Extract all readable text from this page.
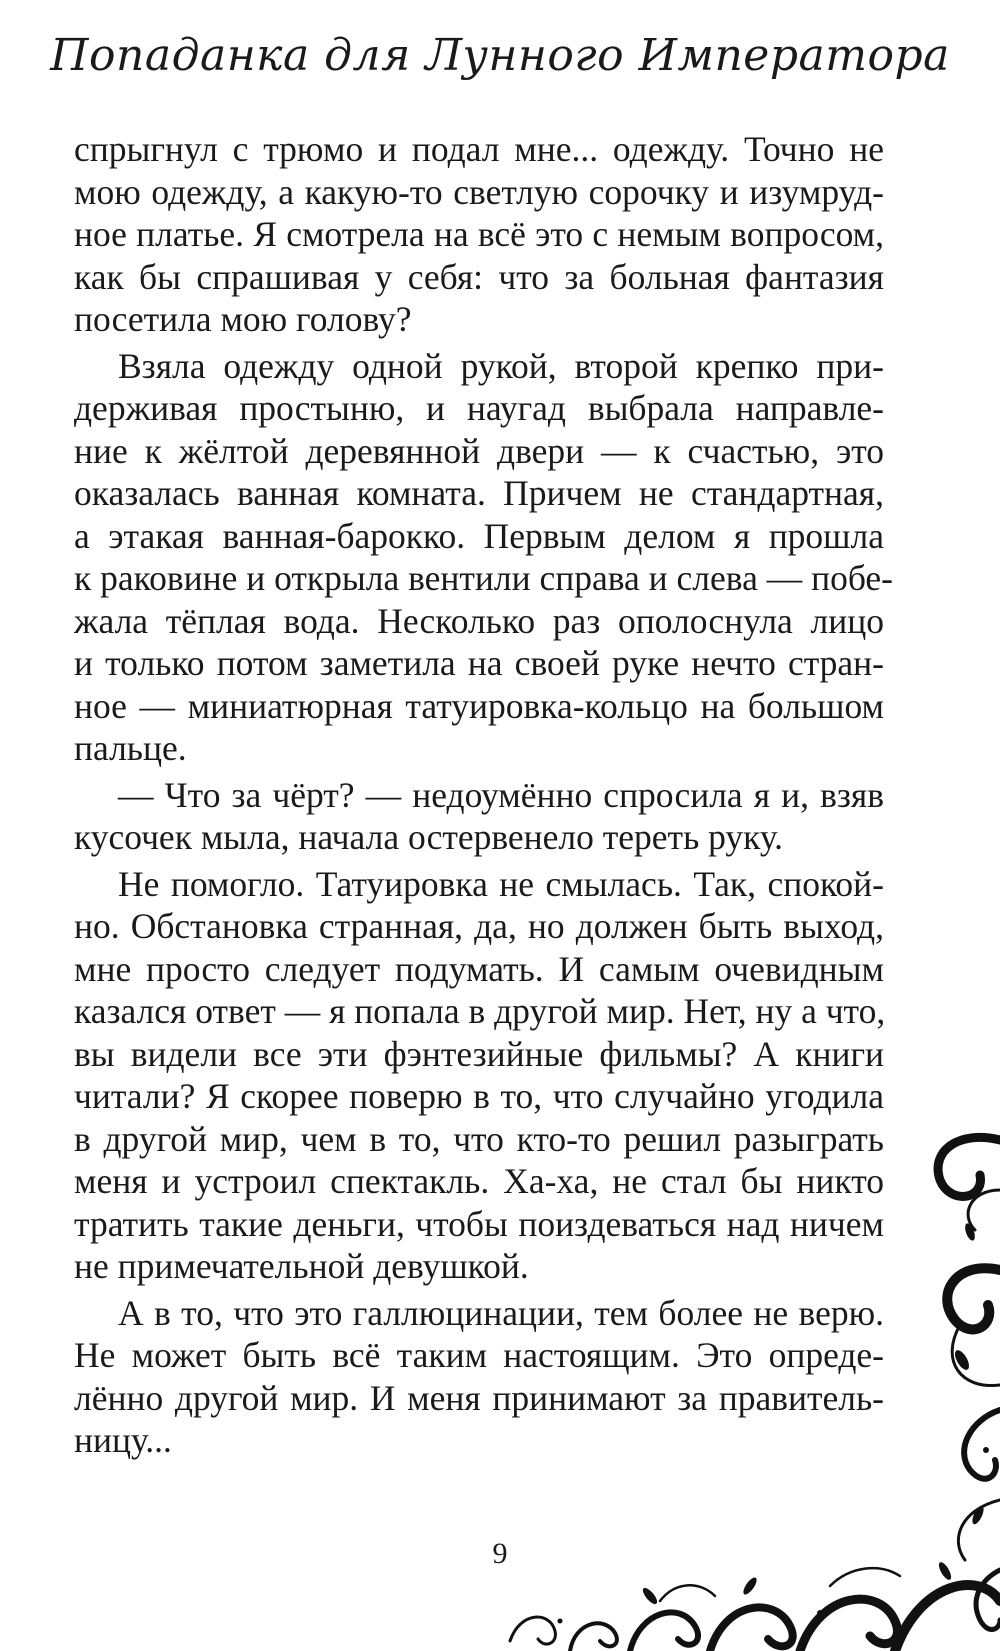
Попаданка для Лунного Императора
спрыгнул с трюмо и подал мне... одежду. Точно не
мою одежду, а какую-то светлую сорочку и изумруд-
ное платье. Я смотрела на всё это с немым вопросом,
как бы спрашивая у себя: что за больная фантазия
посетила мою голову?
Взяла одежду одной рукой, второй крепко при-
держивая простыню, и наугад выбрала направле-
ние к жёлтой деревянной двери — к счастью, это
оказалась ванная комната. Причем не стандартная,
а этакая ванная-барокко. Первым делом я прошла
к раковине и открыла вентили справа и слева — побе-
жала тёплая вода. Несколько раз ополоснула лицо
и только потом заметила на своей руке нечто стран-
ное — миниатюрная татуировка-кольцо на большом
пальце.
— Что за чёрт? — недоумённо спросила я и, взяв
кусочек мыла, начала остервенело тереть руку.
Не помогло. Татуировка не смылась. Так, спокой-
но. Обстановка странная, да, но должен быть выход,
мне просто следует подумать. И самым очевидным
казался ответ — я попала в другой мир. Нет, ну а что,
вы видели все эти фэнтезийные фильмы? А книги
читали? Я скорее поверю в то, что случайно угодила
в другой мир, чем в то, что кто-то решил разыграть
меня и устроил спектакль. Ха-ха, не стал бы никто
тратить такие деньги, чтобы поиздеваться над ничем
не примечательной девушкой.
А в то, что это галлюцинации, тем более не верю.
Не может быть всё таким настоящим. Это опреде-
лённо другой мир. И меня принимают за правитель-
ницу...
9
